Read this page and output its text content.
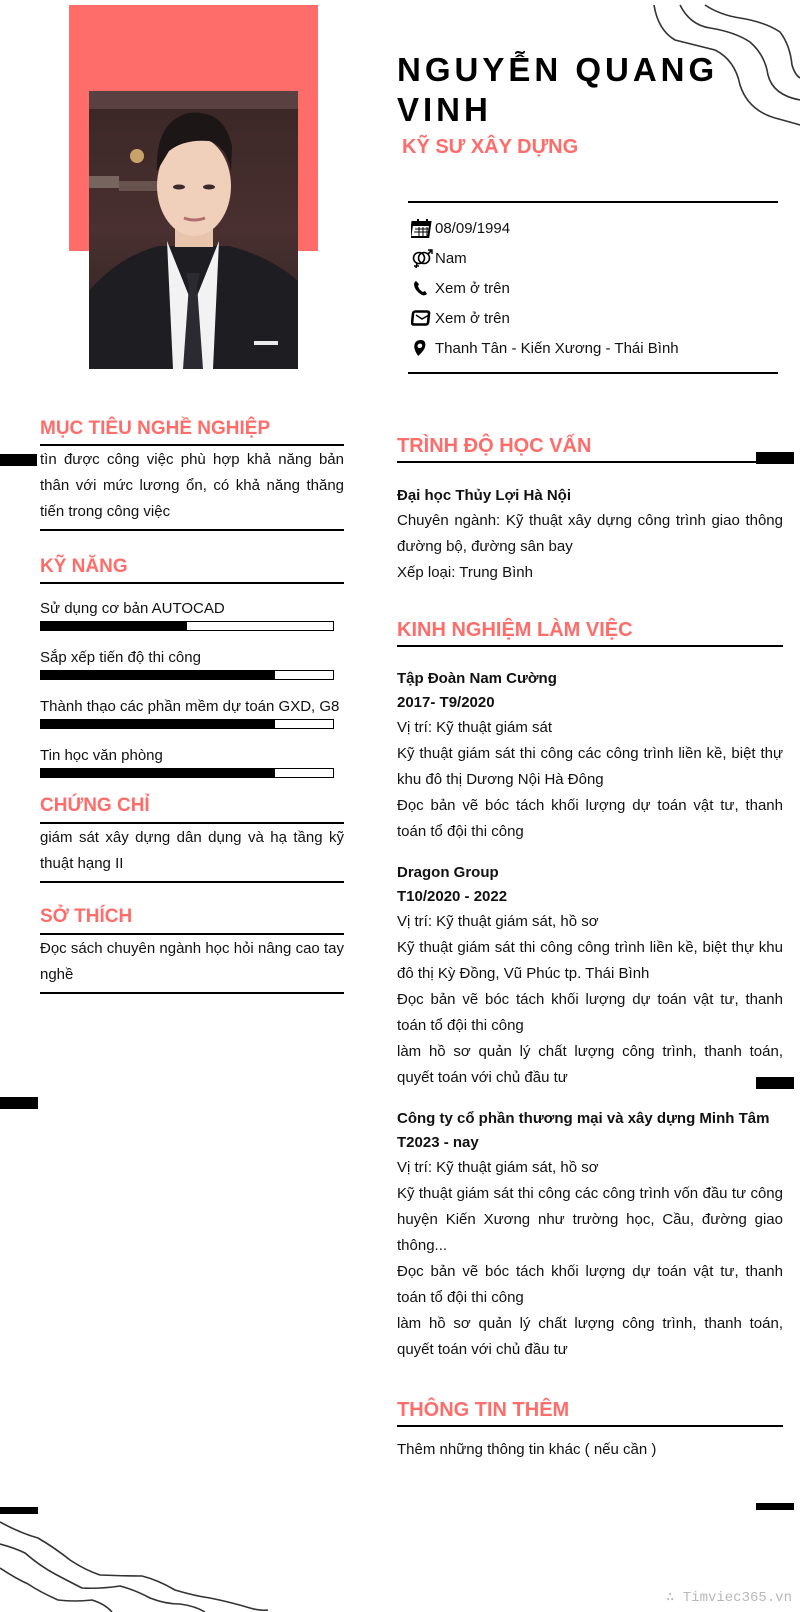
NGUYỄN QUANG VINH
KỸ SƯ XÂY DỰNG
08/09/1994
Nam
Xem ở trên
Xem ở trên
Thanh Tân - Kiến Xương - Thái Bình
MỤC TIÊU NGHỀ NGHIỆP

tìn được công việc phù hợp khả năng bản thân với mức lương ổn, có khả năng thăng tiến trong công việc

KỸ NĂNG
Sử dụng cơ bản AUTOCAD
Sắp xếp tiến độ thi công
Thành thạo các phần mềm dự toán GXD, G8
Tin học văn phòng
CHỨNG CHỈ

giám sát xây dựng dân dụng và hạ tầng kỹ thuật hạng II

SỞ THÍCH

Đọc sách chuyên ngành học hỏi nâng cao tay nghề

TRÌNH ĐỘ HỌC VẤN
Đại học Thủy Lợi Hà Nội

Chuyên ngành: Kỹ thuật xây dựng công trình giao thông đường bộ, đường sân bay

Xếp loại: Trung Bình

KINH NGHIỆM LÀM VIỆC
Tập Đoàn Nam Cường
2017- T9/2020

Vị trí: Kỹ thuật giám sát

Kỹ thuật giám sát thi công các công trình liền kề, biệt thự khu đô thị Dương Nội Hà Đông

Đọc bản vẽ bóc tách khối lượng dự toán vật tư, thanh toán tổ đội thi công

Dragon Group
T10/2020 - 2022

Vị trí: Kỹ thuật giám sát, hồ sơ

Kỹ thuật giám sát thi công công trình liền kề, biệt thự khu đô thị Kỳ Đồng, Vũ Phúc tp. Thái Bình

Đọc bản vẽ bóc tách khối lượng dự toán vật tư, thanh toán tổ đội thi công

làm hồ sơ quản lý chất lượng công trình, thanh toán, quyết toán với chủ đầu tư

Công ty cổ phần thương mại và xây dựng Minh Tâm
T2023 - nay

Vị trí: Kỹ thuật giám sát, hồ sơ

Kỹ thuật giám sát thi công các công trình vốn đầu tư công huyện Kiến Xương như trường học, Cầu, đường giao thông...

Đọc bản vẽ bóc tách khối lượng dự toán vật tư, thanh toán tổ đội thi công

làm hồ sơ quản lý chất lượng công trình, thanh toán, quyết toán với chủ đầu tư

THÔNG TIN THÊM

Thêm những thông tin khác ( nếu cần )

∴ Timviec365.vn
